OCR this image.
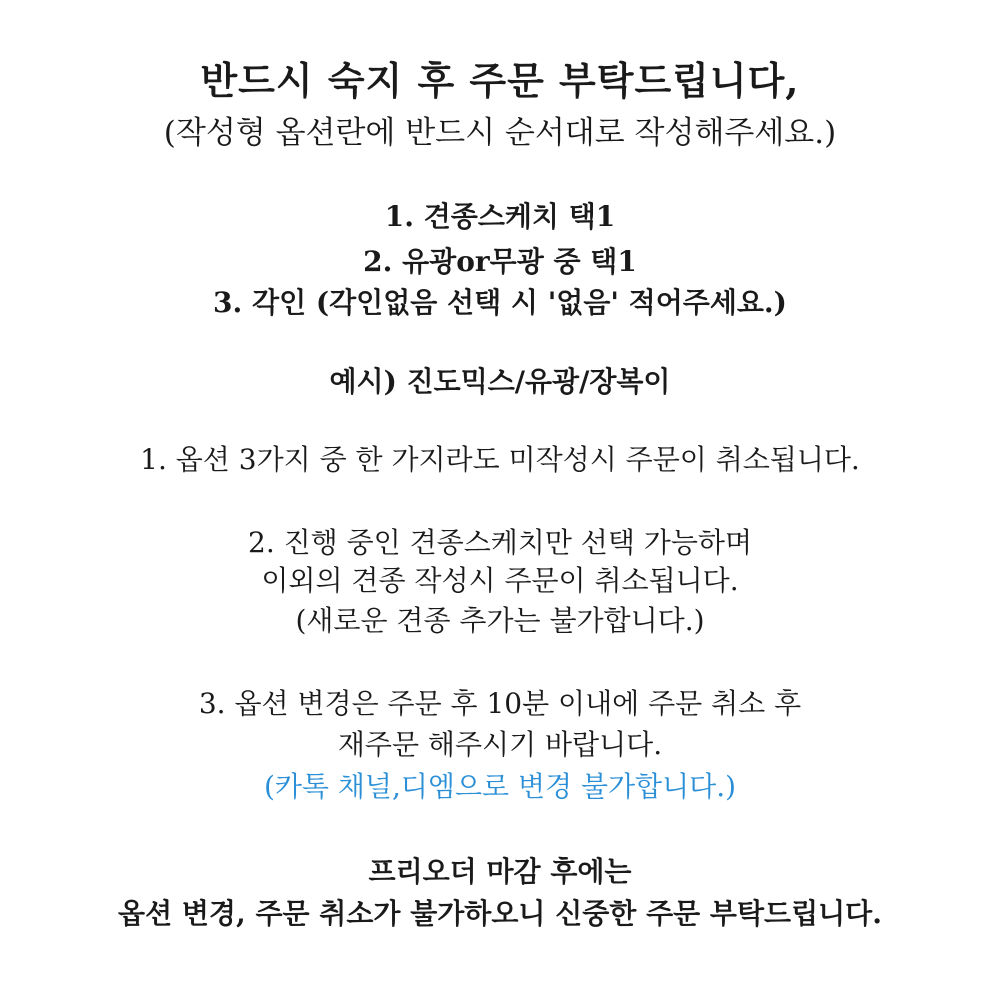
반드시 숙지 후 주문 부탁드립니다,
(작성형 옵션란에 반드시 순서대로 작성해주세요.)
1. 견종스케치 택1
2. 유광or무광 중 택1
3. 각인 (각인없음 선택 시 '없음' 적어주세요.)
예시) 진도믹스/유광/장복이
1. 옵션 3가지 중 한 가지라도 미작성시 주문이 취소됩니다.
2. 진행 중인 견종스케치만 선택 가능하며
이외의 견종 작성시 주문이 취소됩니다.
(새로운 견종 추가는 불가합니다.)
3. 옵션 변경은 주문 후 10분 이내에 주문 취소 후
재주문 해주시기 바랍니다.
(카톡 채널,디엠으로 변경 불가합니다.)
프리오더 마감 후에는
옵션 변경, 주문 취소가 불가하오니 신중한 주문 부탁드립니다.
